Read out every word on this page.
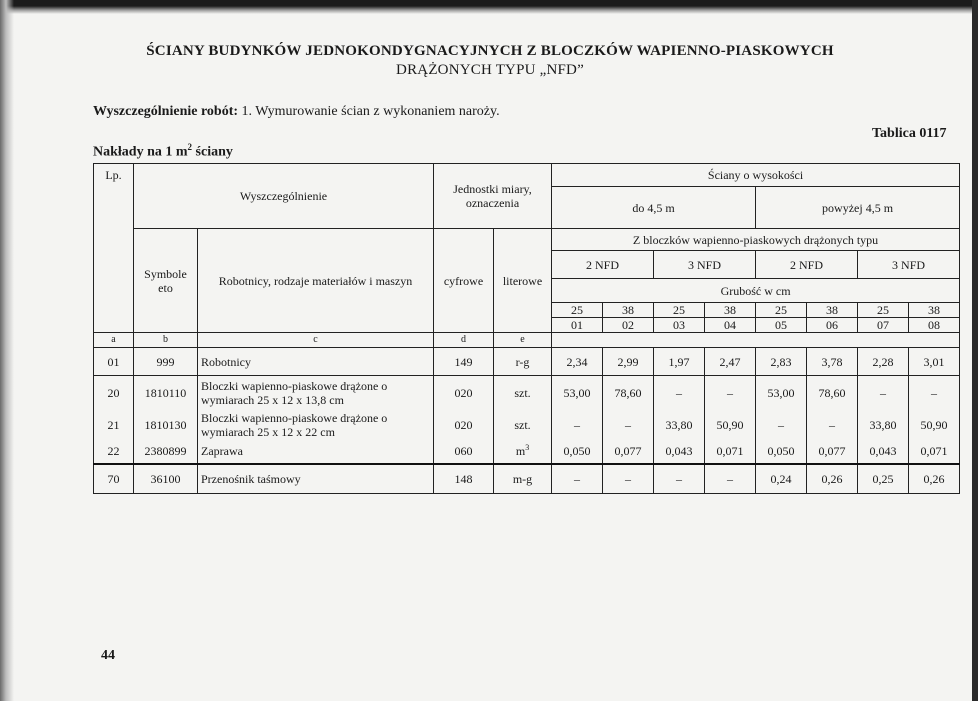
ŚCIANY BUDYNKÓW JEDNOKONDYGNACYJNYCH Z BLOCZKÓW WAPIENNO-PIASKOWYCH
DRĄŻONYCH TYPU „NFD”
Wyszczególnienie robót: 1. Wymurowanie ścian z wykonaniem naroży.
Tablica 0117
Nakłady na 1 $m^2$ ściany
Lp.	Wyszczególnienie		Jednostki miary, oznaczenia		Ściany o wysokości							
					do 4,5 m				powyżej 4,5 m			
	Symbole eto	Robotnicy, rodzaje materiałów i maszyn	cyfrowe	literowe	Z bloczków wapienno-piaskowych drążonych typu							
					2 NFD		3 NFD		2 NFD		3 NFD	
					Grubość w cm							
					25	38	25	38	25	38	25	38
					01	02	03	04	05	06	07	08
a	b	c	d	e								
01	999	Robotnicy	149	r-g	2,34	2,99	1,97	2,47	2,83	3,78	2,28	3,01
20	1810110	Bloczki wapienno-piaskowe drążone o wymiarach 25 x 12 x 13,8 cm	020	szt.	53,00	78,60	–	–	53,00	78,60	–	–
21	1810130	Bloczki wapienno-piaskowe drążone o wymiarach 25 x 12 x 22 cm	020	szt.	–	–	33,80	50,90	–	–	33,80	50,90
22	2380899	Zaprawa	060	$m^3$	0,050	0,077	0,043	0,071	0,050	0,077	0,043	0,071
70	36100	Przenośnik taśmowy	148	m-g	–	–	–	–	0,24	0,26	0,25	0,26
44
